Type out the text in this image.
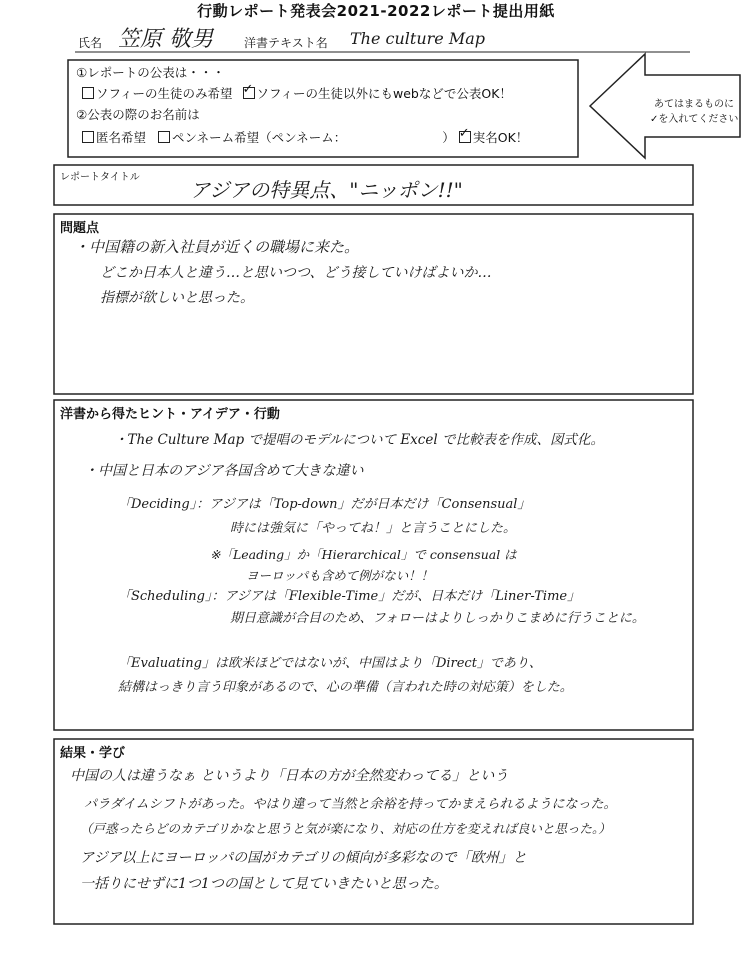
行動レポート発表会2021-2022レポート提出用紙
氏名 笠原 敬男	洋書テキスト名 The culture Map
①レポートの公表は・・・
ソフィーの生徒のみ希望 ✓ ソフィーの生徒以外にもwebなどで公表OK！
②公表の際のお名前は
匿名希望 ペンネーム希望（ペンネーム：	） ✓ 実名OK！
あてはまるものに
✓を入れてください
レポートタイトル
アジアの特異点、"ニッポン!!"
問題点
・中国籍の新入社員が近くの職場に来た。
どこか日本人と違う…と思いつつ、どう接していけばよいか…
指標が欲しいと思った。
洋書から得たヒント・アイデア・行動
・The Culture Map で提唱のモデルについて Excel で比較表を作成、図式化。
・中国と日本のアジア各国含めて大きな違い
「Deciding」：アジアは「Top-down」だが日本だけ「Consensual」
時には強気に「やってね！」と言うことにした。
※「Leading」か「Hierarchical」で consensual は
ヨーロッパも含めて例がない！！
「Scheduling」：アジアは「Flexible-Time」だが、日本だけ「Liner-Time」
期日意識が合目のため、フォローはよりしっかりこまめに行うことに。
「Evaluating」は欧米ほどではないが、中国はより「Direct」であり、
結構はっきり言う印象があるので、心の準備（言われた時の対応策）をした。
結果・学び
中国の人は違うなぁ というより「日本の方が全然変わってる」という
パラダイムシフトがあった。やはり違って当然と余裕を持ってかまえられるようになった。
（戸惑ったらどのカテゴリかなと思うと気が楽になり、対応の仕方を変えれば良いと思った。）
アジア以上にヨーロッパの国がカテゴリの傾向が多彩なので「欧州」と
一括りにせずに1つ1つの国として見ていきたいと思った。
